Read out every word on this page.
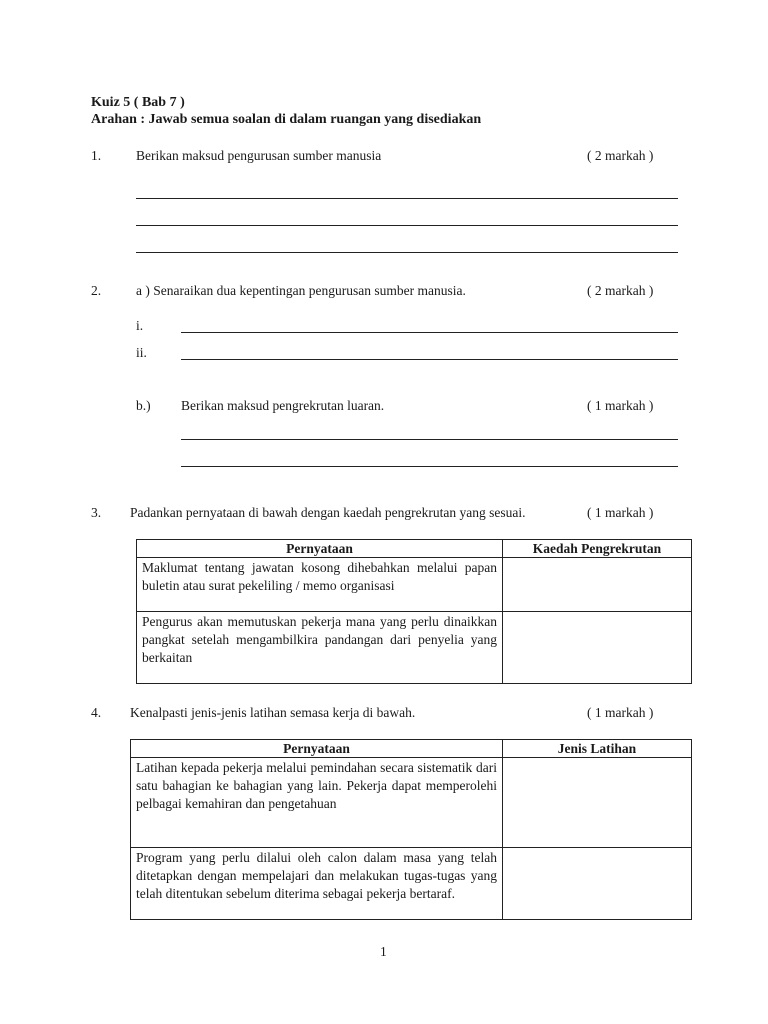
Kuiz 5 ( Bab 7 )
Arahan : Jawab semua soalan di dalam ruangan yang disediakan
1.	Berikan maksud pengurusan sumber manusia	( 2 markah )
2.	a ) Senaraikan dua kepentingan pengurusan sumber manusia.	( 2 markah )
i.
ii.
b.) Berikan maksud pengrekrutan luaran.	( 1 markah )
3. Padankan pernyataan di bawah dengan kaedah pengrekrutan yang sesuai.	( 1 markah )
Pernyataan	Kaedah Pengrekrutan
Maklumat tentang jawatan kosong dihebahkan melalui papan buletin atau surat pekeliling / memo organisasi	
Pengurus akan memutuskan pekerja mana yang perlu dinaikkan pangkat setelah mengambilkira pandangan dari penyelia yang berkaitan	
4. Kenalpasti jenis-jenis latihan semasa kerja di bawah.	( 1 markah )
Pernyataan	Jenis Latihan
Latihan kepada pekerja melalui pemindahan secara sistematik dari satu bahagian ke bahagian yang lain. Pekerja dapat memperolehi pelbagai kemahiran dan pengetahuan	
Program yang perlu dilalui oleh calon dalam masa yang telah ditetapkan dengan mempelajari dan melakukan tugas-tugas yang telah ditentukan sebelum diterima sebagai pekerja bertaraf.	
1
